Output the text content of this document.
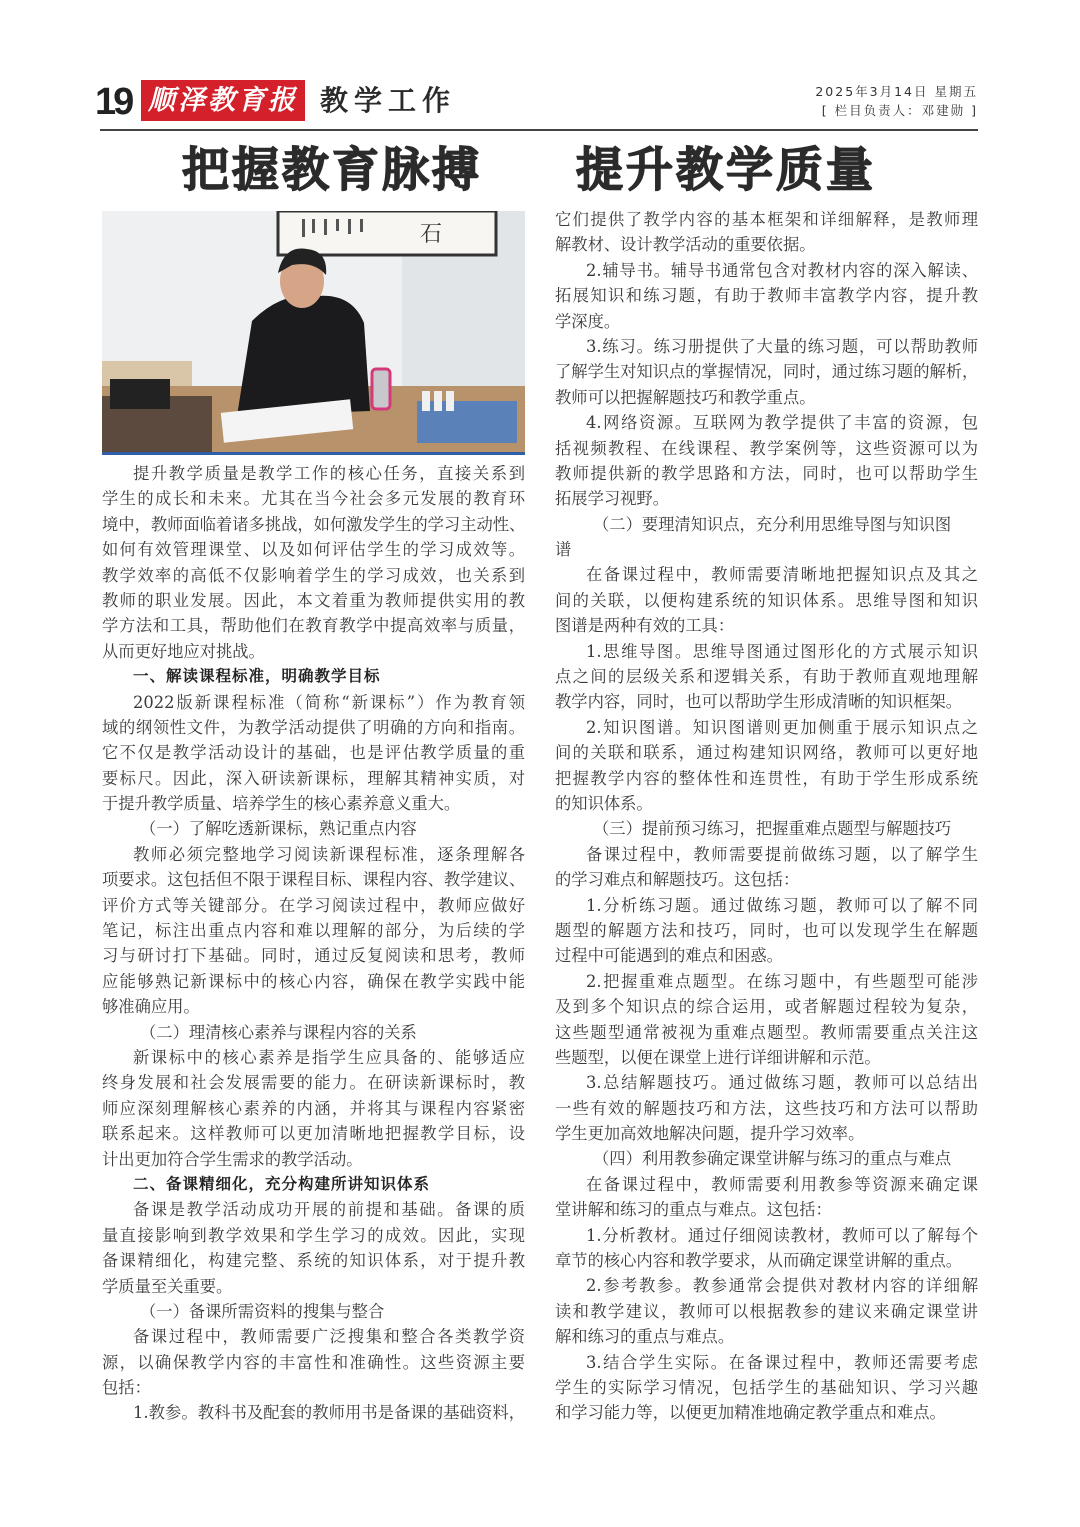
19 顺泽教育报 教学工作	2025年3月14日 星期五
[ 栏目负责人：邓建勋 ]
把握教育脉搏 提升教学质量
石
提升教学质量是教学工作的核心任务，直接关系到
学生的成长和未来。尤其在当今社会多元发展的教育环
境中，教师面临着诸多挑战，如何激发学生的学习主动性、
如何有效管理课堂、以及如何评估学生的学习成效等。
教学效率的高低不仅影响着学生的学习成效，也关系到
教师的职业发展。因此，本文着重为教师提供实用的教
学方法和工具，帮助他们在教育教学中提高效率与质量，
从而更好地应对挑战。
一、解读课程标准，明确教学目标
2022版新课程标准（简称“新课标”）作为教育领
域的纲领性文件，为教学活动提供了明确的方向和指南。
它不仅是教学活动设计的基础，也是评估教学质量的重
要标尺。因此，深入研读新课标，理解其精神实质，对
于提升教学质量、培养学生的核心素养意义重大。
（一）了解吃透新课标，熟记重点内容
教师必须完整地学习阅读新课程标准，逐条理解各
项要求。这包括但不限于课程目标、课程内容、教学建议、
评价方式等关键部分。在学习阅读过程中，教师应做好
笔记，标注出重点内容和难以理解的部分，为后续的学
习与研讨打下基础。同时，通过反复阅读和思考，教师
应能够熟记新课标中的核心内容，确保在教学实践中能
够准确应用。
（二）理清核心素养与课程内容的关系
新课标中的核心素养是指学生应具备的、能够适应
终身发展和社会发展需要的能力。在研读新课标时，教
师应深刻理解核心素养的内涵，并将其与课程内容紧密
联系起来。这样教师可以更加清晰地把握教学目标，设
计出更加符合学生需求的教学活动。
二、备课精细化，充分构建所讲知识体系
备课是教学活动成功开展的前提和基础。备课的质
量直接影响到教学效果和学生学习的成效。因此，实现
备课精细化，构建完整、系统的知识体系，对于提升教
学质量至关重要。
（一）备课所需资料的搜集与整合
备课过程中，教师需要广泛搜集和整合各类教学资
源，以确保教学内容的丰富性和准确性。这些资源主要
包括：
1.教参。教科书及配套的教师用书是备课的基础资料，
它们提供了教学内容的基本框架和详细解释，是教师理
解教材、设计教学活动的重要依据。
2.辅导书。辅导书通常包含对教材内容的深入解读、
拓展知识和练习题，有助于教师丰富教学内容，提升教
学深度。
3.练习。练习册提供了大量的练习题，可以帮助教师
了解学生对知识点的掌握情况，同时，通过练习题的解析，
教师可以把握解题技巧和教学重点。
4.网络资源。互联网为教学提供了丰富的资源，包
括视频教程、在线课程、教学案例等，这些资源可以为
教师提供新的教学思路和方法，同时，也可以帮助学生
拓展学习视野。
（二）要理清知识点，充分利用思维导图与知识图
谱
在备课过程中，教师需要清晰地把握知识点及其之
间的关联，以便构建系统的知识体系。思维导图和知识
图谱是两种有效的工具：
1.思维导图。思维导图通过图形化的方式展示知识
点之间的层级关系和逻辑关系，有助于教师直观地理解
教学内容，同时，也可以帮助学生形成清晰的知识框架。
2.知识图谱。知识图谱则更加侧重于展示知识点之
间的关联和联系，通过构建知识网络，教师可以更好地
把握教学内容的整体性和连贯性，有助于学生形成系统
的知识体系。
（三）提前预习练习，把握重难点题型与解题技巧
备课过程中，教师需要提前做练习题，以了解学生
的学习难点和解题技巧。这包括：
1.分析练习题。通过做练习题，教师可以了解不同
题型的解题方法和技巧，同时，也可以发现学生在解题
过程中可能遇到的难点和困惑。
2.把握重难点题型。在练习题中，有些题型可能涉
及到多个知识点的综合运用，或者解题过程较为复杂，
这些题型通常被视为重难点题型。教师需要重点关注这
些题型，以便在课堂上进行详细讲解和示范。
3.总结解题技巧。通过做练习题，教师可以总结出
一些有效的解题技巧和方法，这些技巧和方法可以帮助
学生更加高效地解决问题，提升学习效率。
（四）利用教参确定课堂讲解与练习的重点与难点
在备课过程中，教师需要利用教参等资源来确定课
堂讲解和练习的重点与难点。这包括：
1.分析教材。通过仔细阅读教材，教师可以了解每个
章节的核心内容和教学要求，从而确定课堂讲解的重点。
2.参考教参。教参通常会提供对教材内容的详细解
读和教学建议，教师可以根据教参的建议来确定课堂讲
解和练习的重点与难点。
3.结合学生实际。在备课过程中，教师还需要考虑
学生的实际学习情况，包括学生的基础知识、学习兴趣
和学习能力等，以便更加精准地确定教学重点和难点。
